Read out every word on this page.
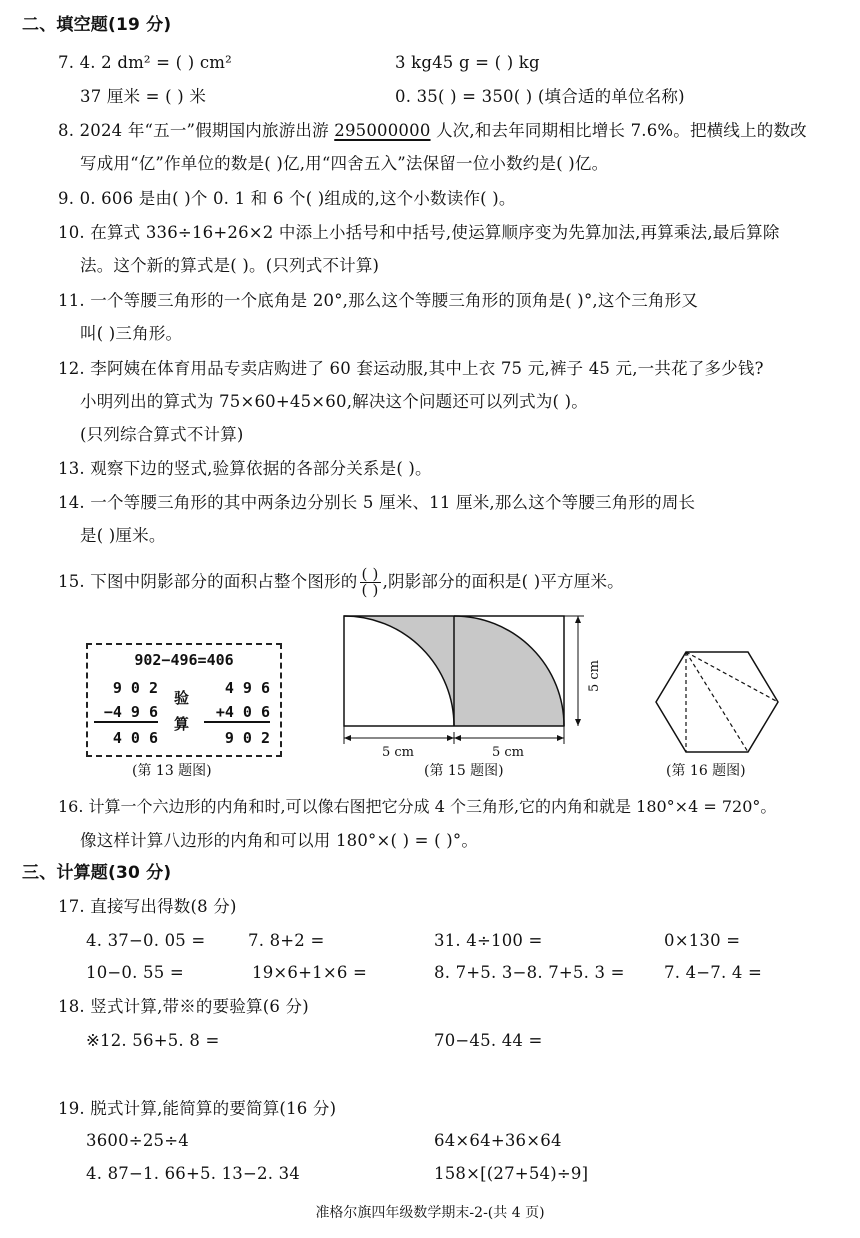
二、填空题(19 分)
7. 4. 2 dm² = ( ) cm²	3 kg45 g = ( ) kg
37 厘米 = ( ) 米	0. 35( ) = 350( ) (填合适的单位名称)
8. 2024 年“五一”假期国内旅游出游 295000000 人次,和去年同期相比增长 7.6%。把横线上的数改
写成用“亿”作单位的数是( )亿,用“四舍五入”法保留一位小数约是( )亿。
9. 0. 606 是由( )个 0. 1 和 6 个( )组成的,这个小数读作( )。
10. 在算式 336÷16+26×2 中添上小括号和中括号,使运算顺序变为先算加法,再算乘法,最后算除
法。这个新的算式是( )。(只列式不计算)
11. 一个等腰三角形的一个底角是 20°,那么这个等腰三角形的顶角是( )°,这个三角形又
叫( )三角形。
12. 李阿姨在体育用品专卖店购进了 60 套运动服,其中上衣 75 元,裤子 45 元,一共花了多少钱?
小明列出的算式为 75×60+45×60,解决这个问题还可以列式为( )。
(只列综合算式不计算)
13. 观察下边的竖式,验算依据的各部分关系是( )。
14. 一个等腰三角形的其中两条边分别长 5 厘米、11 厘米,那么这个等腰三角形的周长
是( )厘米。
15. 下图中阴影部分的面积占整个图形的 $\frac{( )}{( )}$ ,阴影部分的面积是( )平方厘米。
902−496=406
9 0 2
−4 9 6
4 0 6
验
算
4 9 6
+4 0 6
9 0 2
(第 13 题图)
5 cm	5 cm
5 cm
(第 15 题图)	(第 16 题图)
16. 计算一个六边形的内角和时,可以像右图把它分成 4 个三角形,它的内角和就是 180°×4 = 720°。
像这样计算八边形的内角和可以用 180°×( ) = ( )°。
三、计算题(30 分)
17. 直接写出得数(8 分)
4. 37−0. 05 =	7. 8+2 =	31. 4÷100 =	0×130 =
10−0. 55 =	19×6+1×6 =	8. 7+5. 3−8. 7+5. 3 = 7. 4−7. 4 =
18. 竖式计算,带※的要验算(6 分)
※12. 56+5. 8 =	70−45. 44 =
19. 脱式计算,能简算的要简算(16 分)
3600÷25÷4	64×64+36×64
4. 87−1. 66+5. 13−2. 34	158×[(27+54)÷9]
准格尔旗四年级数学期末-2-(共 4 页)
